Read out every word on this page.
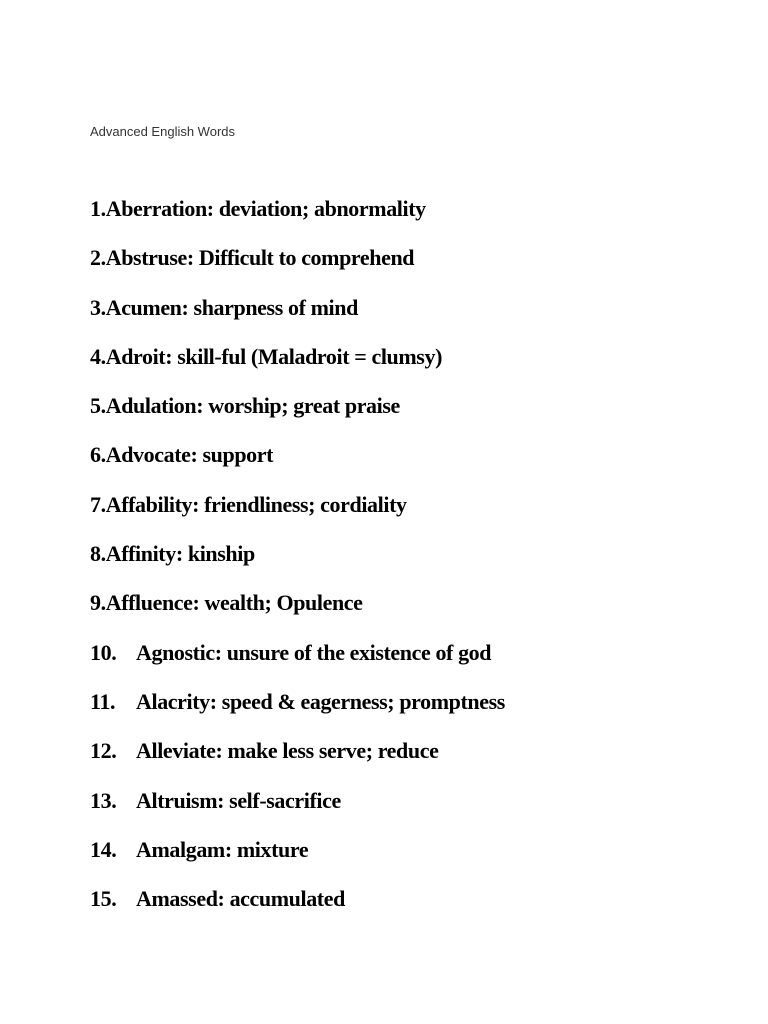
Advanced English Words
1.Aberration: deviation; abnormality
2.Abstruse: Difficult to comprehend
3.Acumen: sharpness of mind
4.Adroit: skill-ful (Maladroit = clumsy)
5.Adulation: worship; great praise
6.Advocate: support
7.Affability: friendliness; cordiality
8.Affinity: kinship
9.Affluence: wealth; Opulence
10. Agnostic: unsure of the existence of god
11. Alacrity: speed & eagerness; promptness
12. Alleviate: make less serve; reduce
13. Altruism: self-sacrifice
14. Amalgam: mixture
15. Amassed: accumulated
